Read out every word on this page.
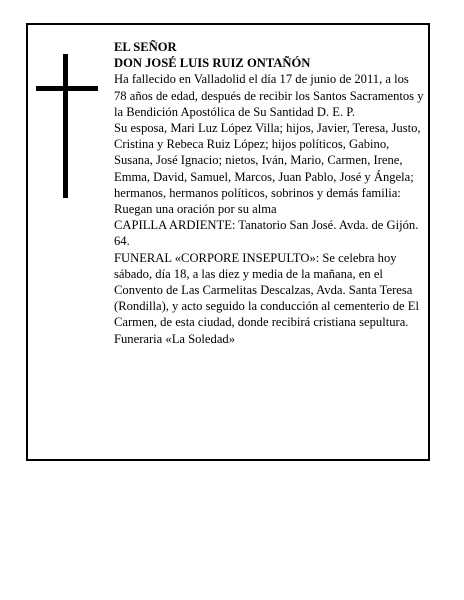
EL SEÑOR

DON JOSÉ LUIS RUIZ ONTAÑÓN

Ha fallecido en Valladolid el día 17 de junio de 2011, a los 78 años de edad, después de recibir los Santos Sacramentos y la Bendición Apostólica de Su Santidad D. E. P.

Su esposa, Mari Luz López Villa; hijos, Javier, Teresa, Justo, Cristina y Rebeca Ruiz López; hijos políticos, Gabino, Susana, José Ignacio; nietos, Iván, Mario, Carmen, Irene, Emma, David, Samuel, Marcos, Juan Pablo, José y Ángela; hermanos, hermanos políticos, sobrinos y demás familia:

Ruegan una oración por su alma

CAPILLA ARDIENTE: Tanatorio San José. Avda. de Gijón. 64.

FUNERAL «CORPORE INSEPULTO»: Se celebra hoy sábado, día 18, a las diez y media de la mañana, en el Convento de Las Carmelitas Descalzas, Avda. Santa Teresa (Rondilla), y acto seguido la conducción al cementerio de El Carmen, de esta ciudad, donde recibirá cristiana sepultura.

Funeraria «La Soledad»
